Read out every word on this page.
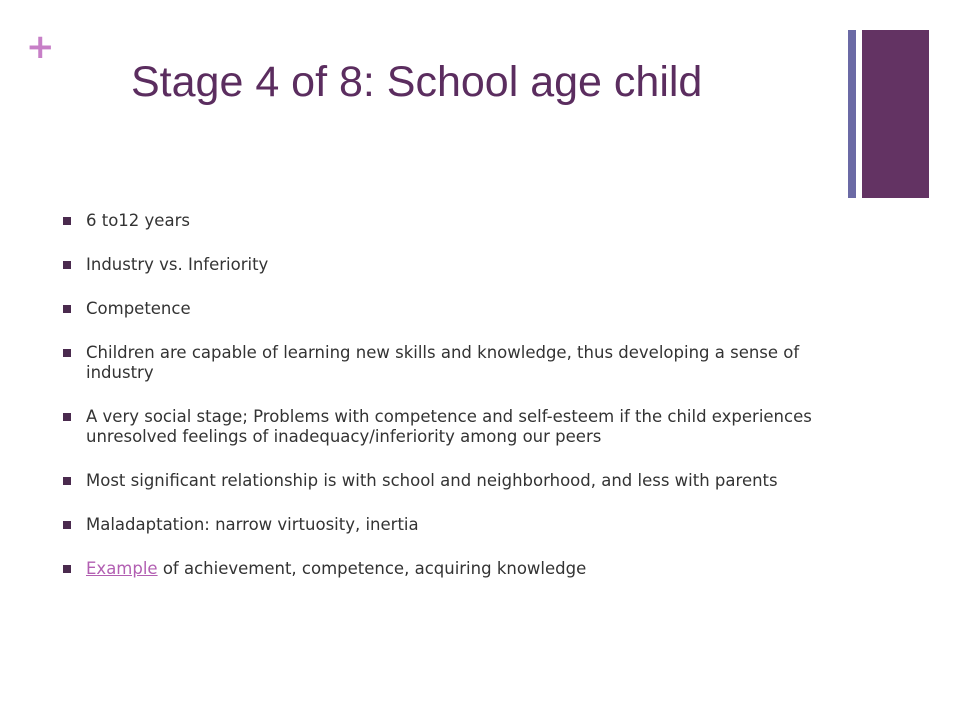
+
Stage 4 of 8: School age child
6 to12 years
Industry vs. Inferiority
Competence
Children are capable of learning new skills and knowledge, thus developing a sense of industry
A very social stage; Problems with competence and self-esteem if the child experiences unresolved feelings of inadequacy/inferiority among our peers
Most significant relationship is with school and neighborhood, and less with parents
Maladaptation: narrow virtuosity, inertia
Example of achievement, competence, acquiring knowledge
